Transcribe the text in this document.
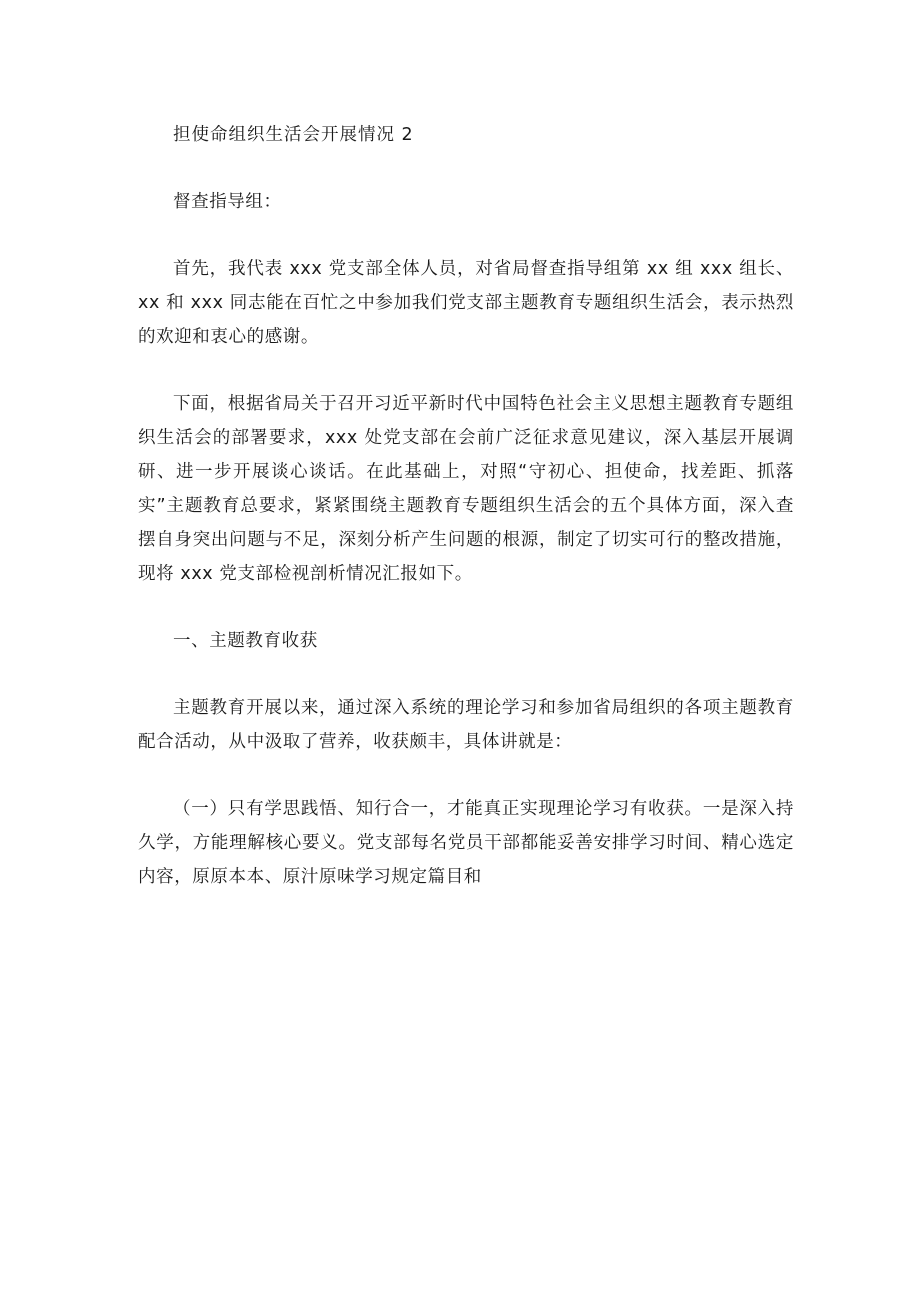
担使命组织生活会开展情况 2

督查指导组：

首先，我代表 xxx 党支部全体人员，对省局督查指导组第 xx 组 xxx 组长、xx 和 xxx 同志能在百忙之中参加我们党支部主题教育专题组织生活会，表示热烈的欢迎和衷心的感谢。

下面，根据省局关于召开习近平新时代中国特色社会主义思想主题教育专题组织生活会的部署要求，xxx 处党支部在会前广泛征求意见建议，深入基层开展调研、进一步开展谈心谈话。在此基础上，对照“守初心、担使命，找差距、抓落实”主题教育总要求，紧紧围绕主题教育专题组织生活会的五个具体方面，深入查摆自身突出问题与不足，深刻分析产生问题的根源，制定了切实可行的整改措施，现将 xxx 党支部检视剖析情况汇报如下。

一、主题教育收获

主题教育开展以来，通过深入系统的理论学习和参加省局组织的各项主题教育配合活动，从中汲取了营养，收获颇丰，具体讲就是：

（一）只有学思践悟、知行合一，才能真正实现理论学习有收获。一是深入持久学，方能理解核心要义。党支部每名党员干部都能妥善安排学习时间、精心选定内容，原原本本、原汁原味学习规定篇目和
